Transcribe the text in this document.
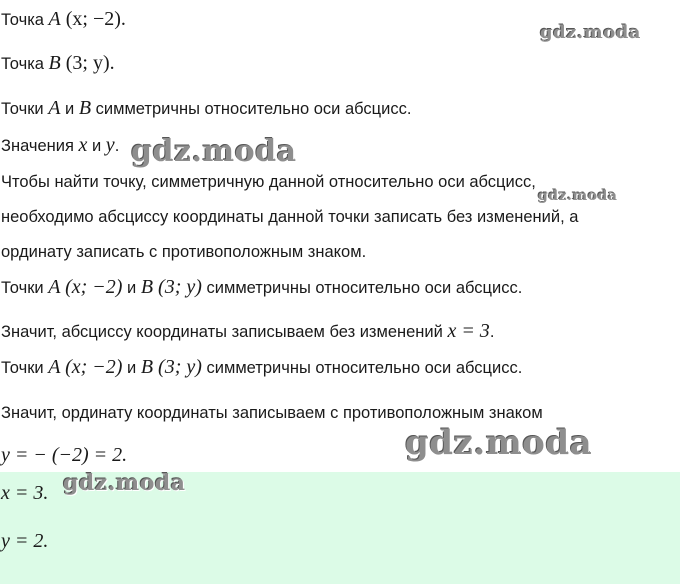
Точка A (x; −2).
Точка B (3; y).
Точки A и B симметричны относительно оси абсцисс.
Значения x и y.
Чтобы найти точку, симметричную данной относительно оси абсцисс,
необходимо абсциссу координаты данной точки записать без изменений, а
ординату записать с противоположным знаком.
Точки A (x; −2) и B (3; y) симметричны относительно оси абсцисс.
Значит, абсциссу координаты записываем без изменений x = 3.
Точки A (x; −2) и B (3; y) симметричны относительно оси абсцисс.
Значит, ординату координаты записываем с противоположным знаком
y = − (−2) = 2.
x = 3.
y = 2.
gdz.moda
gdz.moda
gdz.moda
gdz.moda
gdz.moda
